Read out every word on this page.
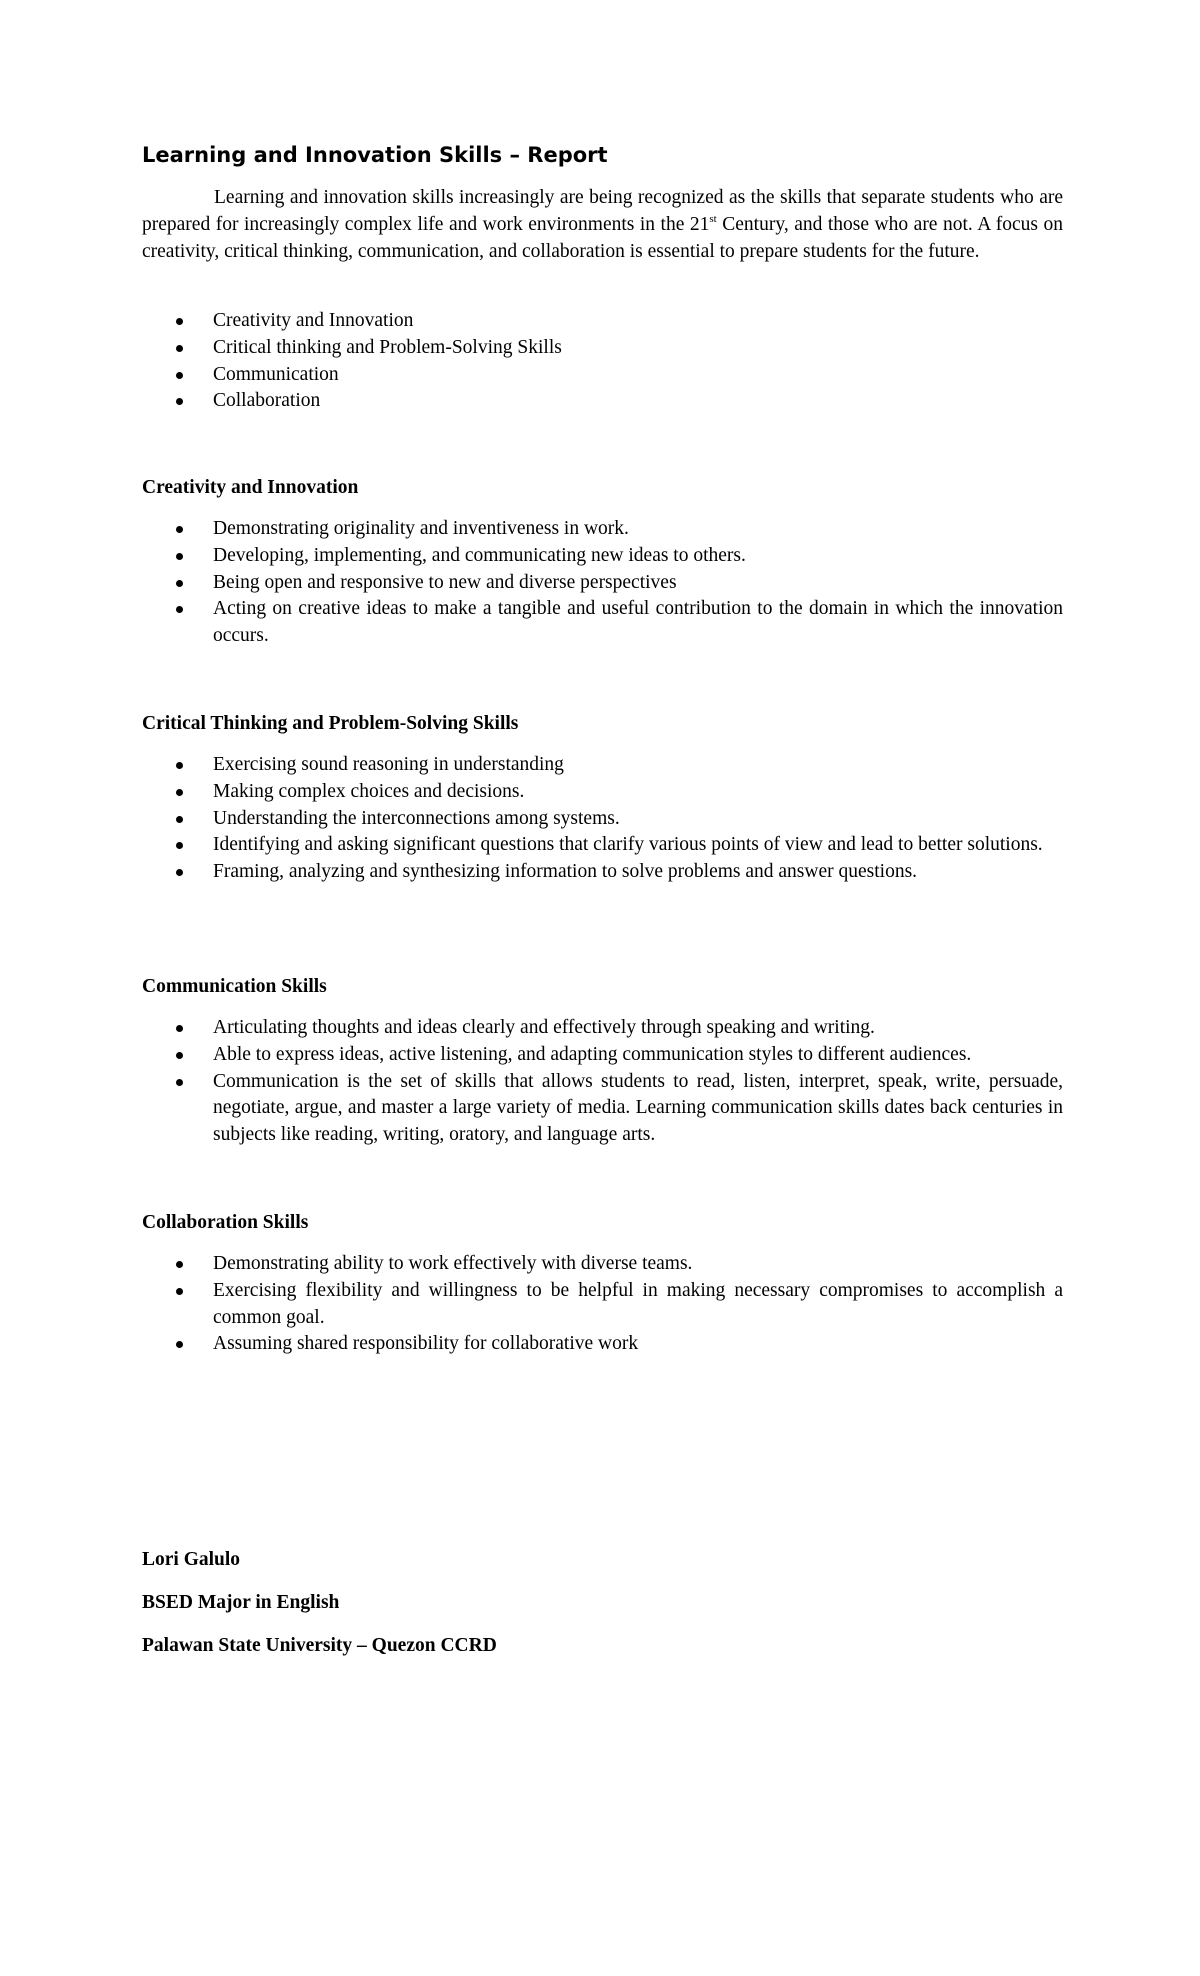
Learning and Innovation Skills – Report

Learning and innovation skills increasingly are being recognized as the skills that separate students who are prepared for increasingly complex life and work environments in the 21st Century, and those who are not. A focus on creativity, critical thinking, communication, and collaboration is essential to prepare students for the future.

Creativity and Innovation
Critical thinking and Problem-Solving Skills
Communication
Collaboration
Creativity and Innovation
Demonstrating originality and inventiveness in work.
Developing, implementing, and communicating new ideas to others.
Being open and responsive to new and diverse perspectives
Acting on creative ideas to make a tangible and useful contribution to the domain in which the innovation occurs.
Critical Thinking and Problem-Solving Skills
Exercising sound reasoning in understanding
Making complex choices and decisions.
Understanding the interconnections among systems.
Identifying and asking significant questions that clarify various points of view and lead to better solutions.
Framing, analyzing and synthesizing information to solve problems and answer questions.
Communication Skills
Articulating thoughts and ideas clearly and effectively through speaking and writing.
Able to express ideas, active listening, and adapting communication styles to different audiences.
Communication is the set of skills that allows students to read, listen, interpret, speak, write, persuade, negotiate, argue, and master a large variety of media. Learning communication skills dates back centuries in subjects like reading, writing, oratory, and language arts.
Collaboration Skills
Demonstrating ability to work effectively with diverse teams.
Exercising flexibility and willingness to be helpful in making necessary compromises to accomplish a common goal.
Assuming shared responsibility for collaborative work

Lori Galulo

BSED Major in English

Palawan State University – Quezon CCRD
